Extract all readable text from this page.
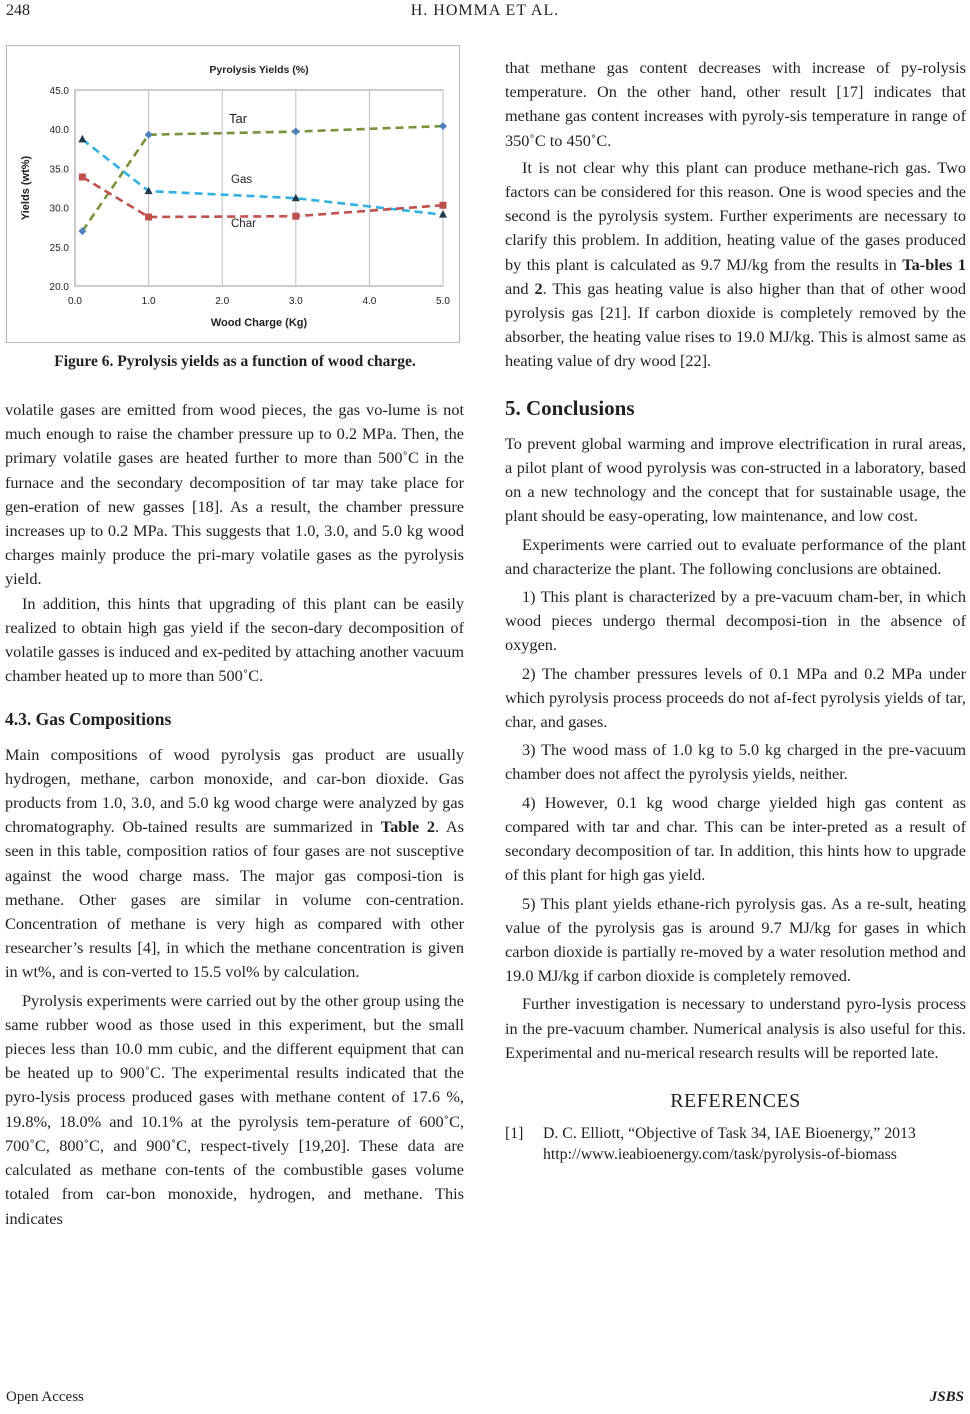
248	H. HOMMA ET AL.
Pyrolysis Yields (%)
0.0	1.0	2.0	3.0	4.0	5.0
20.0
25.0
30.0
35.0
40.0
45.0
Wood Charge (Kg)
Yields (wt%)
Tar
Gas
Char
Figure 6. Pyrolysis yields as a function of wood charge.

volatile gases are emitted from wood pieces, the gas vo-lume is not much enough to raise the chamber pressure up to 0.2 MPa. Then, the primary volatile gases are heated further to more than 500˚C in the furnace and the secondary decomposition of tar may take place for gen-eration of new gasses [18]. As a result, the chamber pressure increases up to 0.2 MPa. This suggests that 1.0, 3.0, and 5.0 kg wood charges mainly produce the pri-mary volatile gases as the pyrolysis yield.

In addition, this hints that upgrading of this plant can be easily realized to obtain high gas yield if the secon-dary decomposition of volatile gasses is induced and ex-pedited by attaching another vacuum chamber heated up to more than 500˚C.

4.3. Gas Compositions

Main compositions of wood pyrolysis gas product are usually hydrogen, methane, carbon monoxide, and car-bon dioxide. Gas products from 1.0, 3.0, and 5.0 kg wood charge were analyzed by gas chromatography. Ob-tained results are summarized in Table 2. As seen in this table, composition ratios of four gases are not susceptive against the wood charge mass. The major gas composi-tion is methane. Other gases are similar in volume con-centration. Concentration of methane is very high as compared with other researcher’s results [4], in which the methane concentration is given in wt%, and is con-verted to 15.5 vol% by calculation.

Pyrolysis experiments were carried out by the other group using the same rubber wood as those used in this experiment, but the small pieces less than 10.0 mm cubic, and the different equipment that can be heated up to 900˚C. The experimental results indicated that the pyro-lysis process produced gases with methane content of 17.6 %, 19.8%, 18.0% and 10.1% at the pyrolysis tem-perature of 600˚C, 700˚C, 800˚C, and 900˚C, respect-tively [19,20]. These data are calculated as methane con-tents of the combustible gases volume totaled from car-bon monoxide, hydrogen, and methane. This indicates

that methane gas content decreases with increase of py-rolysis temperature. On the other hand, other result [17] indicates that methane gas content increases with pyroly-sis temperature in range of 350˚C to 450˚C.

It is not clear why this plant can produce methane-rich gas. Two factors can be considered for this reason. One is wood species and the second is the pyrolysis system. Further experiments are necessary to clarify this problem. In addition, heating value of the gases produced by this plant is calculated as 9.7 MJ/kg from the results in Ta-bles 1 and 2. This gas heating value is also higher than that of other wood pyrolysis gas [21]. If carbon dioxide is completely removed by the absorber, the heating value rises to 19.0 MJ/kg. This is almost same as heating value of dry wood [22].

5. Conclusions

To prevent global warming and improve electrification in rural areas, a pilot plant of wood pyrolysis was con-structed in a laboratory, based on a new technology and the concept that for sustainable usage, the plant should be easy-operating, low maintenance, and low cost.

Experiments were carried out to evaluate performance of the plant and characterize the plant. The following conclusions are obtained.

1) This plant is characterized by a pre-vacuum cham-ber, in which wood pieces undergo thermal decomposi-tion in the absence of oxygen.

2) The chamber pressures levels of 0.1 MPa and 0.2 MPa under which pyrolysis process proceeds do not af-fect pyrolysis yields of tar, char, and gases.

3) The wood mass of 1.0 kg to 5.0 kg charged in the pre-vacuum chamber does not affect the pyrolysis yields, neither.

4) However, 0.1 kg wood charge yielded high gas content as compared with tar and char. This can be inter-preted as a result of secondary decomposition of tar. In addition, this hints how to upgrade of this plant for high gas yield.

5) This plant yields ethane-rich pyrolysis gas. As a re-sult, heating value of the pyrolysis gas is around 9.7 MJ/kg for gases in which carbon dioxide is partially re-moved by a water resolution method and 19.0 MJ/kg if carbon dioxide is completely removed.

Further investigation is necessary to understand pyro-lysis process in the pre-vacuum chamber. Numerical analysis is also useful for this. Experimental and nu-merical research results will be reported late.

REFERENCES

[1]	D. C. Elliott, “Objective of Task 34, IAE Bioenergy,” 2013
http://www.ieabioenergy.com/task/pyrolysis-of-biomass
Open Access	JSBS
